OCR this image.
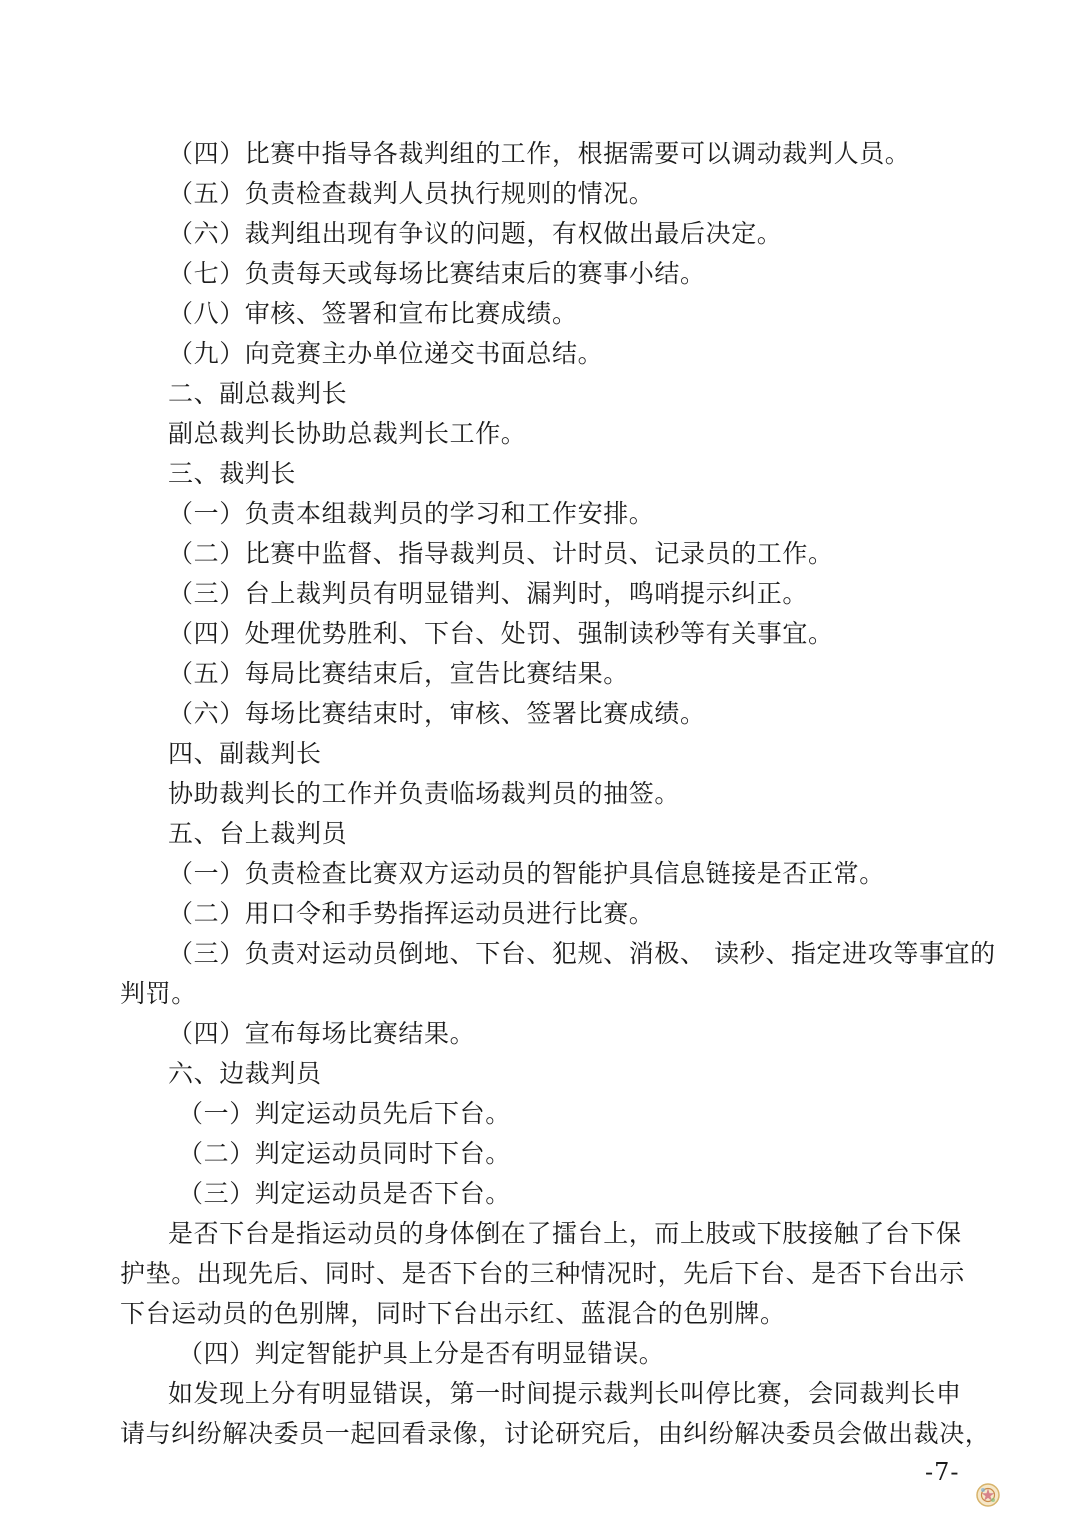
（四）比赛中指导各裁判组的工作，根据需要可以调动裁判人员。
（五）负责检查裁判人员执行规则的情况。
（六）裁判组出现有争议的问题，有权做出最后决定。
（七）负责每天或每场比赛结束后的赛事小结。
（八）审核、签署和宣布比赛成绩。
（九）向竞赛主办单位递交书面总结。
二、副总裁判长
副总裁判长协助总裁判长工作。
三、裁判长
（一）负责本组裁判员的学习和工作安排。
（二）比赛中监督、指导裁判员、计时员、记录员的工作。
（三）台上裁判员有明显错判、漏判时，鸣哨提示纠正。
（四）处理优势胜利、下台、处罚、强制读秒等有关事宜。
（五）每局比赛结束后，宣告比赛结果。
（六）每场比赛结束时，审核、签署比赛成绩。
四、副裁判长
协助裁判长的工作并负责临场裁判员的抽签。
五、台上裁判员
（一）负责检查比赛双方运动员的智能护具信息链接是否正常。
（二）用口令和手势指挥运动员进行比赛。
（三）负责对运动员倒地、下台、犯规、消极、 读秒、指定进攻等事宜的
判罚。
（四）宣布每场比赛结果。
六、边裁判员
（一）判定运动员先后下台。
（二）判定运动员同时下台。
（三）判定运动员是否下台。
是否下台是指运动员的身体倒在了擂台上，而上肢或下肢接触了台下保
护垫。出现先后、同时、是否下台的三种情况时，先后下台、是否下台出示
下台运动员的色别牌，同时下台出示红、蓝混合的色别牌。
（四）判定智能护具上分是否有明显错误。
如发现上分有明显错误，第一时间提示裁判长叫停比赛，会同裁判长申
请与纠纷解决委员一起回看录像，讨论研究后，由纠纷解决委员会做出裁决，
-7-
